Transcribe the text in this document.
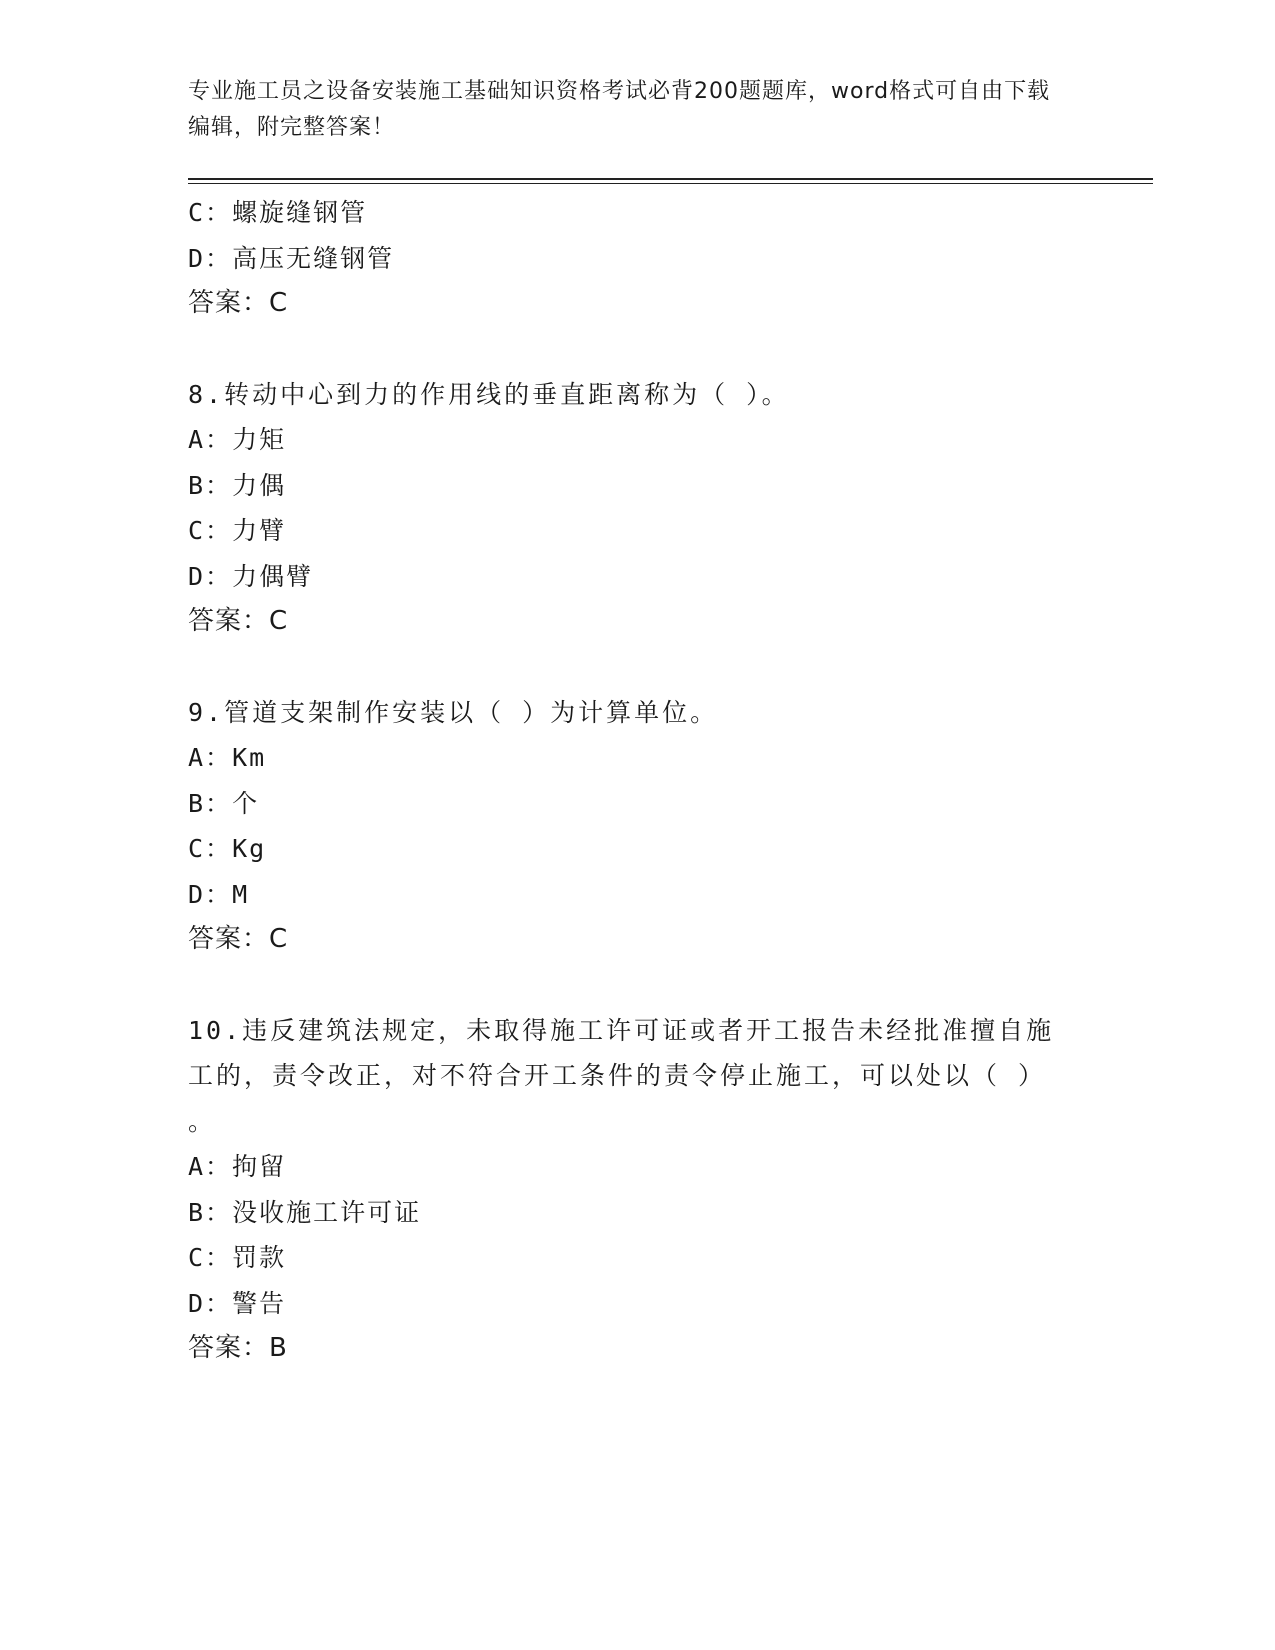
专业施工员之设备安装施工基础知识资格考试必背200题题库，word格式可自由下载编辑，附完整答案！
C：螺旋缝钢管
D：高压无缝钢管
答案：C
8.转动中心到力的作用线的垂直距离称为（ ）。
A：力矩
B：力偶
C：力臂
D：力偶臂
答案：C
9.管道支架制作安装以（ ）为计算单位。
A：Km
B：个
C：Kg
D：M
答案：C
10.违反建筑法规定，未取得施工许可证或者开工报告未经批准擅自施工的，责令改正，对不符合开工条件的责令停止施工，可以处以（ ）
。
A：拘留
B：没收施工许可证
C：罚款
D：警告
答案：B
